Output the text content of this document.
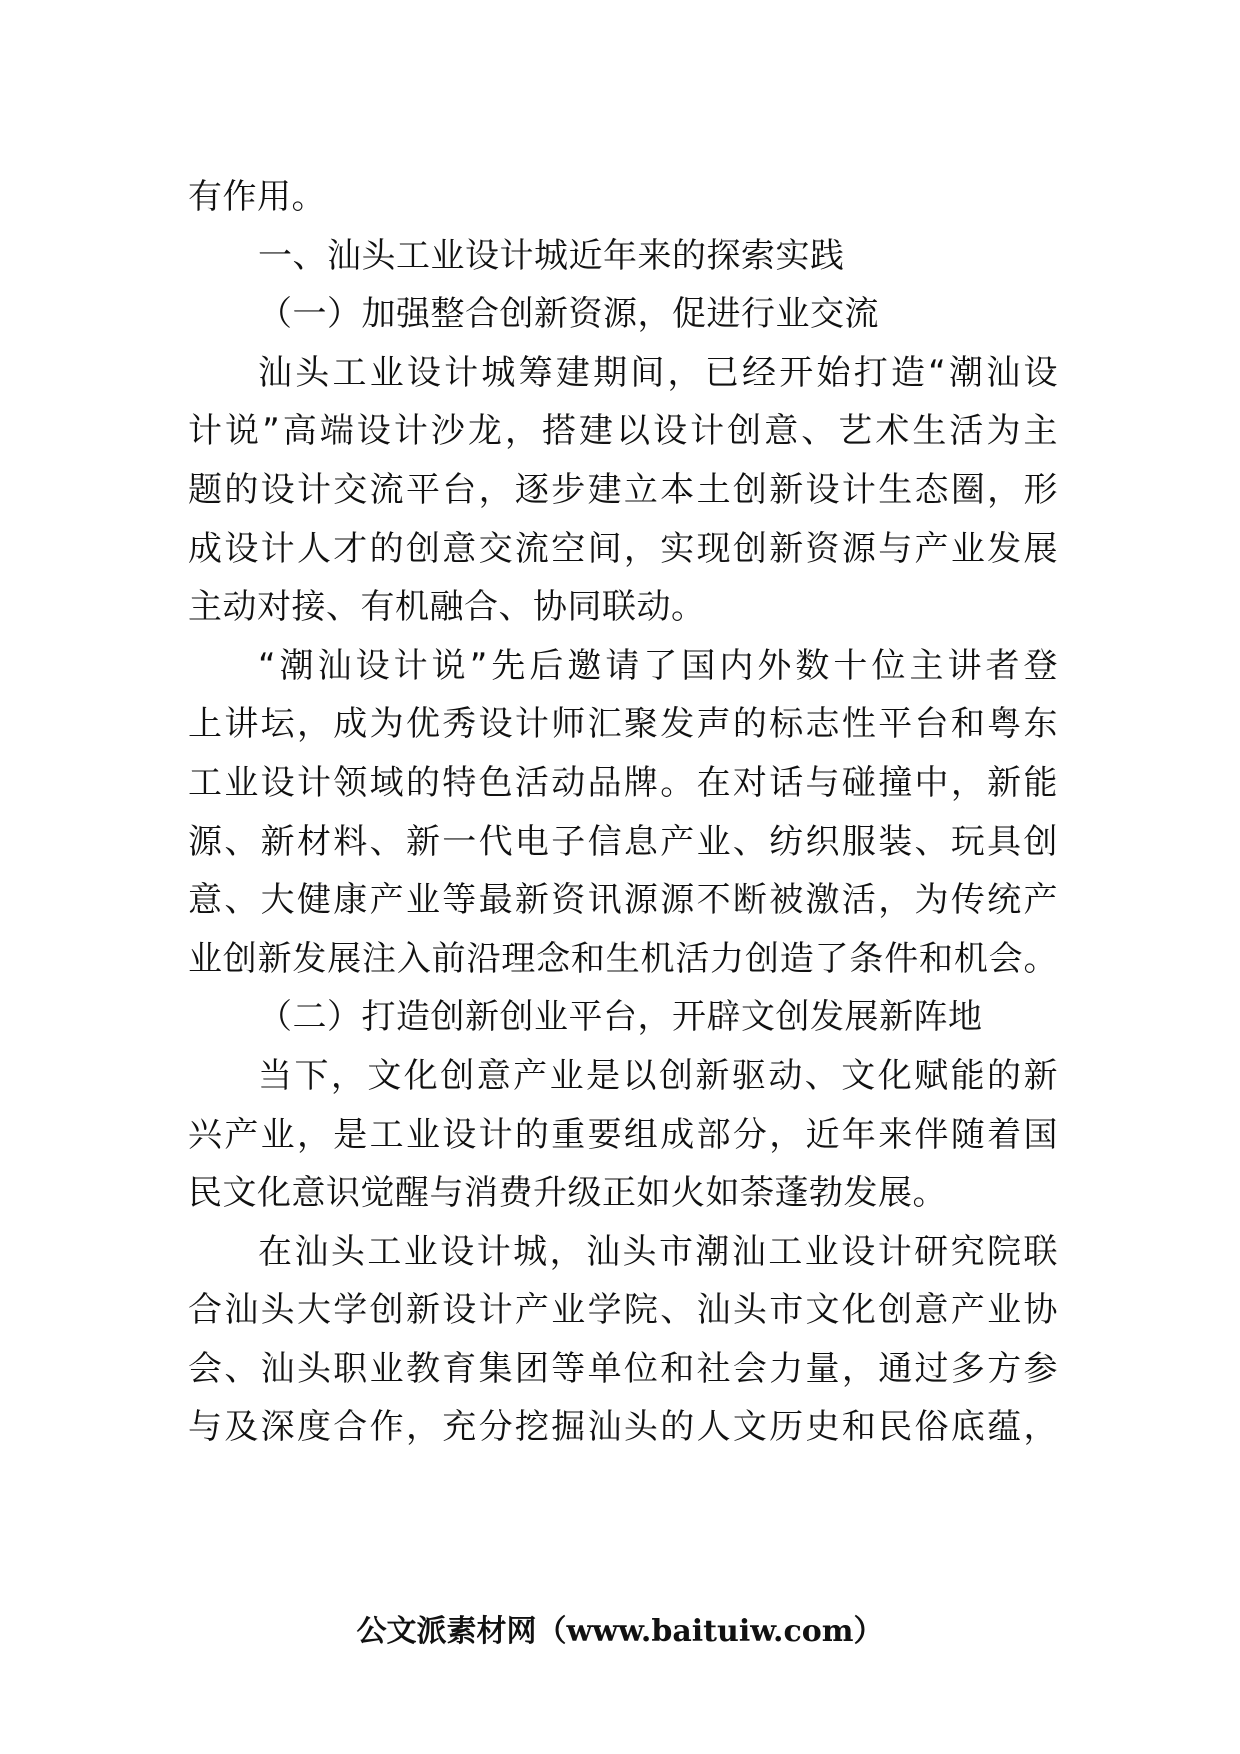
有作用。
一、汕头工业设计城近年来的探索实践
（一）加强整合创新资源，促进行业交流
汕头工业设计城筹建期间，已经开始打造“潮汕设
计说”高端设计沙龙，搭建以设计创意、艺术生活为主
题的设计交流平台，逐步建立本土创新设计生态圈，形
成设计人才的创意交流空间，实现创新资源与产业发展
主动对接、有机融合、协同联动。
“潮汕设计说”先后邀请了国内外数十位主讲者登
上讲坛，成为优秀设计师汇聚发声的标志性平台和粤东
工业设计领域的特色活动品牌。在对话与碰撞中，新能
源、新材料、新一代电子信息产业、纺织服装、玩具创
意、大健康产业等最新资讯源源不断被激活，为传统产
业创新发展注入前沿理念和生机活力创造了条件和机会。
（二）打造创新创业平台，开辟文创发展新阵地
当下，文化创意产业是以创新驱动、文化赋能的新
兴产业，是工业设计的重要组成部分，近年来伴随着国
民文化意识觉醒与消费升级正如火如荼蓬勃发展。
在汕头工业设计城，汕头市潮汕工业设计研究院联
合汕头大学创新设计产业学院、汕头市文化创意产业协
会、汕头职业教育集团等单位和社会力量，通过多方参
与及深度合作，充分挖掘汕头的人文历史和民俗底蕴，
公文派素材网（www.baituiw.com）
